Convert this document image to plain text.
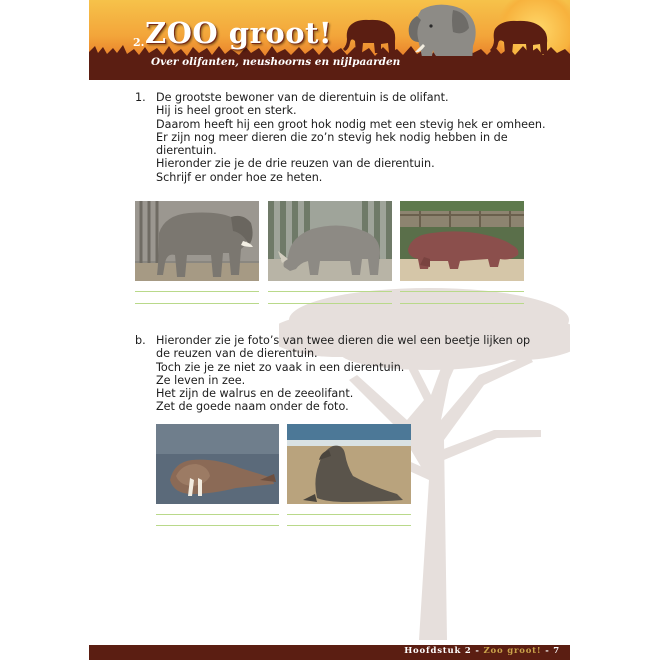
2. ZOO groot!
Over olifanten, neushoorns en nijlpaarden
1. De grootste bewoner van de dierentuin is de olifant.
Hij is heel groot en sterk.
Daarom heeft hij een groot hok nodig met een stevig hek er omheen.
Er zijn nog meer dieren die zo’n stevig hek nodig hebben in de
dierentuin.
Hieronder zie je de drie reuzen van de dierentuin.
Schrijf er onder hoe ze heten.
b. Hieronder zie je foto’s van twee dieren die wel een beetje lijken op
de reuzen van de dierentuin.
Toch zie je ze niet zo vaak in een dierentuin.
Ze leven in zee.
Het zijn de walrus en de zeeolifant.
Zet de goede naam onder de foto.
Hoofdstuk 2 - Zoo groot! - 7
